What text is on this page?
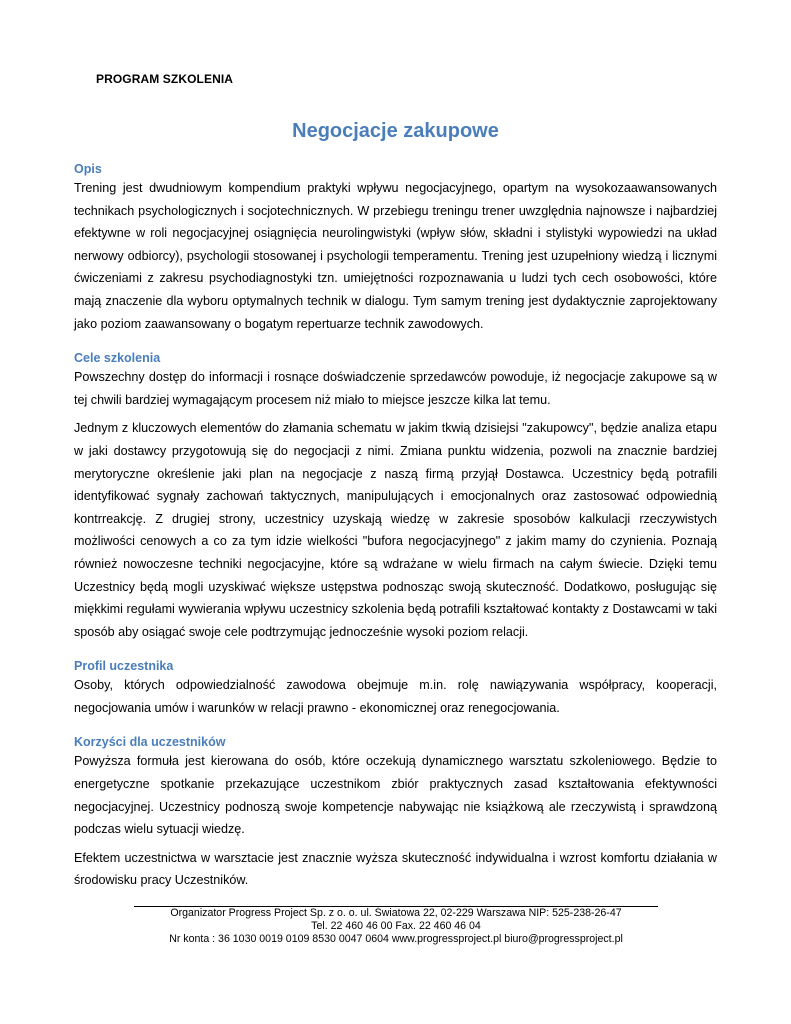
PROGRAM SZKOLENIA
Negocjacje zakupowe
Opis

Trening jest dwudniowym kompendium praktyki wpływu negocjacyjnego, opartym na wysokozaawansowanych technikach psychologicznych i socjotechnicznych. W przebiegu treningu trener uwzględnia najnowsze i najbardziej efektywne w roli negocjacyjnej osiągnięcia neurolingwistyki (wpływ słów, składni i stylistyki wypowiedzi na układ nerwowy odbiorcy), psychologii stosowanej i psychologii temperamentu. Trening jest uzupełniony wiedzą i licznymi ćwiczeniami z zakresu psychodiagnostyki tzn. umiejętności rozpoznawania u ludzi tych cech osobowości, które mają znaczenie dla wyboru optymalnych technik w dialogu. Tym samym trening jest dydaktycznie zaprojektowany jako poziom zaawansowany o bogatym repertuarze technik zawodowych.

Cele szkolenia

Powszechny dostęp do informacji i rosnące doświadczenie sprzedawców powoduje, iż negocjacje zakupowe są w tej chwili bardziej wymagającym procesem niż miało to miejsce jeszcze kilka lat temu.

Jednym z kluczowych elementów do złamania schematu w jakim tkwią dzisiejsi "zakupowcy", będzie analiza etapu w jaki dostawcy przygotowują się do negocjacji z nimi. Zmiana punktu widzenia, pozwoli na znacznie bardziej merytoryczne określenie jaki plan na negocjacje z naszą firmą przyjął Dostawca. Uczestnicy będą potrafili identyfikować sygnały zachowań taktycznych, manipulujących i emocjonalnych oraz zastosować odpowiednią kontrreakcję. Z drugiej strony, uczestnicy uzyskają wiedzę w zakresie sposobów kalkulacji rzeczywistych możliwości cenowych a co za tym idzie wielkości "bufora negocjacyjnego" z jakim mamy do czynienia. Poznają również nowoczesne techniki negocjacyjne, które są wdrażane w wielu firmach na całym świecie. Dzięki temu Uczestnicy będą mogli uzyskiwać większe ustępstwa podnosząc swoją skuteczność. Dodatkowo, posługując się miękkimi regułami wywierania wpływu uczestnicy szkolenia będą potrafili kształtować kontakty z Dostawcami w taki sposób aby osiągać swoje cele podtrzymując jednocześnie wysoki poziom relacji.

Profil uczestnika

Osoby, których odpowiedzialność zawodowa obejmuje m.in. rolę nawiązywania współpracy, kooperacji, negocjowania umów i warunków w relacji prawno - ekonomicznej oraz renegocjowania.

Korzyści dla uczestników

Powyższa formuła jest kierowana do osób, które oczekują dynamicznego warsztatu szkoleniowego. Będzie to energetyczne spotkanie przekazujące uczestnikom zbiór praktycznych zasad kształtowania efektywności negocjacyjnej. Uczestnicy podnoszą swoje kompetencje nabywając nie książkową ale rzeczywistą i sprawdzoną podczas wielu sytuacji wiedzę.

Efektem uczestnictwa w warsztacie jest znacznie wyższa skuteczność indywidualna i wzrost komfortu działania w środowisku pracy Uczestników.

Organizator Progress Project Sp. z o. o. ul. Światowa 22, 02-229 Warszawa NIP: 525-238-26-47
Tel. 22 460 46 00 Fax. 22 460 46 04
Nr konta : 36 1030 0019 0109 8530 0047 0604 www.progressproject.pl biuro@progressproject.pl
